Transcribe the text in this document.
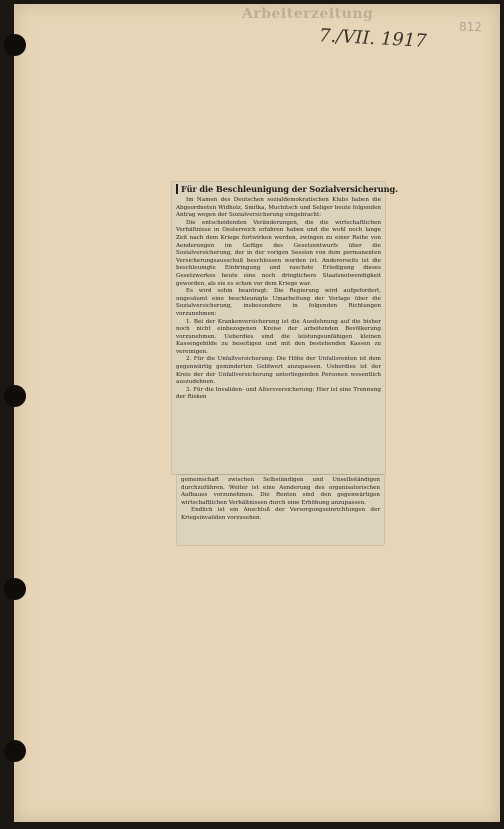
Arbeiterzeitung
7./VII. 1917	812
Für die Beschleunigung der Sozialversicherung.

Im Namen des Deutschen sozialdemokratischen Klubs haben die Abgeordneten Widholz, Smitka, Muchitsch und Seliger heute folgenden Antrag wegen der Sozialversicherung eingebracht:

Die entscheidenden Veränderungen, die die wirtschaftlichen Verhältnisse in Oesterreich erfahren haben und die wohl noch lange Zeit nach dem Kriege fortwirken werden, zwingen zu einer Reihe von Aenderungen im Gefüge des Gesetzentwurfs über die Sozialversicherung, der in der vorigen Session von dem permanenten Versicherungsausschuß beschlossen worden ist. Andererseits ist die beschleunigte Einbringung und raschste Erledigung dieses Gesetzwerkes heute eine noch dringlichere Staatsnotwendigkeit geworden, als sie es schon vor dem Kriege war.

Es wird sohin beantragt: Die Regierung wird aufgefordert, ungesäumt eine beschleunigte Umarbeitung der Vorlage über die Sozialversicherung, insbesondere in folgenden Richtungen vorzunehmen:

1. Bei der Krankenversicherung ist die Ausdehnung auf die bisher noch nicht einbezogenen Kreise der arbeitenden Bevölkerung vorzunehmen. Ueberdies sind die leistungsunfähigen kleinen Kassengebilde zu beseitigen und mit den bestehenden Kassen zu vereinigen.

2. Für die Unfallversicherung: Die Höhe der Unfallsrenten ist dem gegenwärtig geminderten Geldwert anzupassen. Ueberdies ist der Kreis der der Unfallversicherung unterliegenden Personen wesentlich auszudehnen.

3. Für die Invaliden- und Altersversicherung: Hier ist eine Trennung der Risken

gemeinschaft zwischen Selbständigen und Unselbständigen durchzuführen. Weiter ist eine Aenderung des organisatorischen Aufbaues vorzunehmen. Die Renten sind den gegenwärtigen wirtschaftlichen Verhältnissen durch eine Erhöhung anzupassen.

Endlich ist ein Anschluß der Versorgungseinrichtungen der Kriegsinvaliden vorzusehen.
